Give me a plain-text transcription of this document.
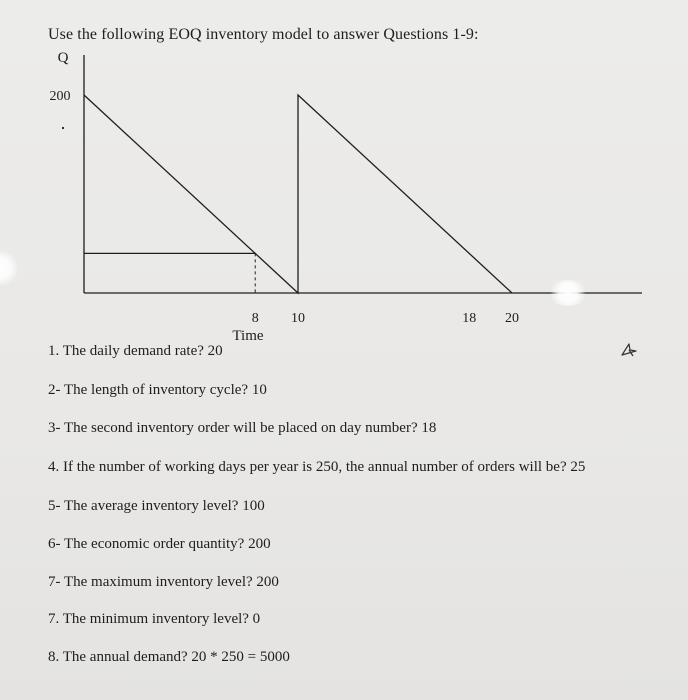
Use the following EOQ inventory model to answer Questions 1-9:
Q
Time
200
8 10	18 20
1. The daily demand rate? 20
2- The length of inventory cycle? 10
3- The second inventory order will be placed on day number? 18
4. If the number of working days per year is 250, the annual number of orders will be? 25
5- The average inventory level? 100
6- The economic order quantity? 200
7- The maximum inventory level? 200
7. The minimum inventory level? 0
8. The annual demand? 20 * 250 = 5000
